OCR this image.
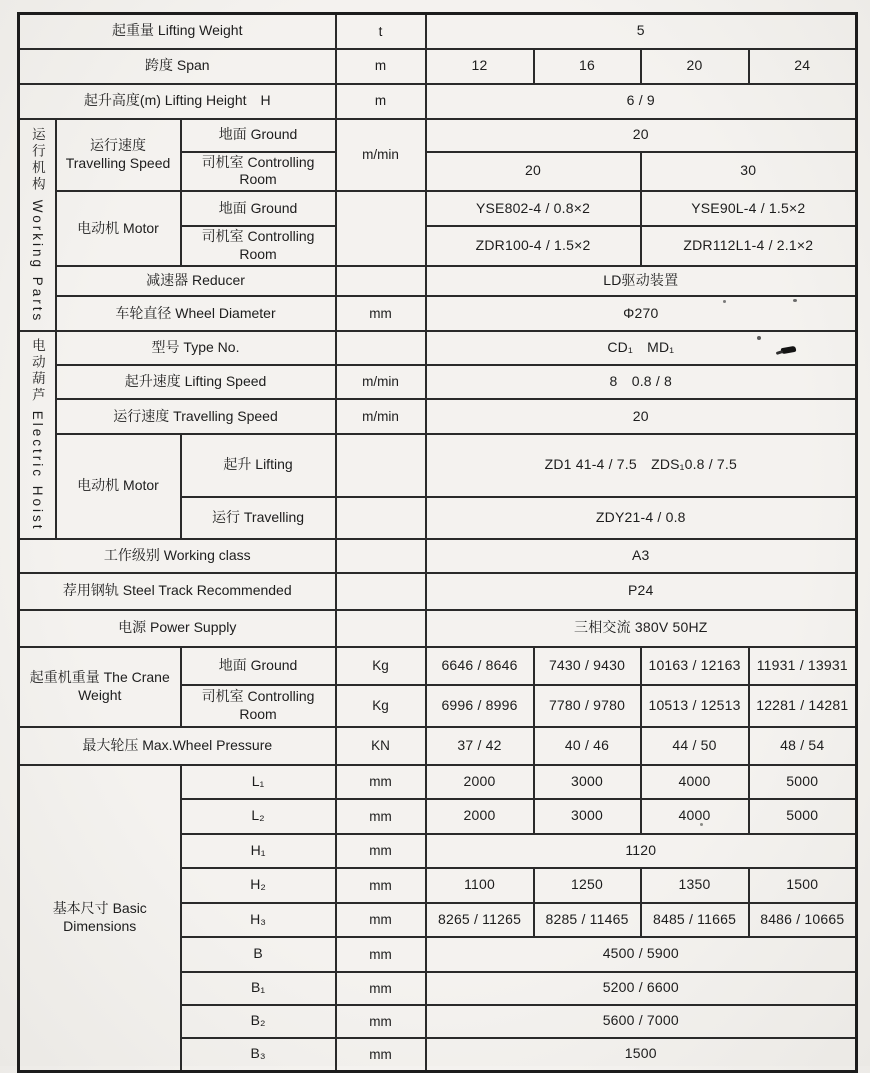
起重量 Lifting Weight			t	5			
跨度 Span			m	12	16	20	24
起升高度(m) Lifting Height　H			m	6 / 9			
运行机构 Working Parts	运行速度 Travelling Speed	地面 Ground	m/min	20			
		司机室 Controlling Room		20		30	
	电动机 Motor	地面 Ground		YSE802-4 / 0.8×2		YSE90L-4 / 1.5×2	
		司机室 Controlling Room		ZDR100-4 / 1.5×2		ZDR112L1-4 / 2.1×2	
	减速器 Reducer			LD驱动装置			
	车轮直径 Wheel Diameter		mm	Φ270			
电动葫芦 Electric Hoist	型号 Type No.			CD₁　MD₁			
	起升速度 Lifting Speed		m/min	8　0.8 / 8			
	运行速度 Travelling Speed		m/min	20			
	电动机 Motor	起升 Lifting		ZD1 41-4 / 7.5　ZDS₁0.8 / 7.5			
		运行 Travelling		ZDY21-4 / 0.8			
工作级别 Working class				A3			
荐用钢轨 Steel Track Recommended				P24			
电源 Power Supply				三相交流 380V 50HZ			
起重机重量 The Crane Weight		地面 Ground	Kg	6646 / 8646	7430 / 9430	10163 / 12163	11931 / 13931
		司机室 Controlling Room	Kg	6996 / 8996	7780 / 9780	10513 / 12513	12281 / 14281
最大轮压 Max.Wheel Pressure			KN	37 / 42	40 / 46	44 / 50	48 / 54
基本尺寸 Basic Dimensions		L₁	mm	2000	3000	4000	5000
		L₂	mm	2000	3000	4000	5000
		H₁	mm	1120			
		H₂	mm	1100	1250	1350	1500
		H₃	mm	8265 / 11265	8285 / 11465	8485 / 11665	8486 / 10665
		B	mm	4500 / 5900			
		B₁	mm	5200 / 6600			
		B₂	mm	5600 / 7000			
		B₃	mm	1500			
